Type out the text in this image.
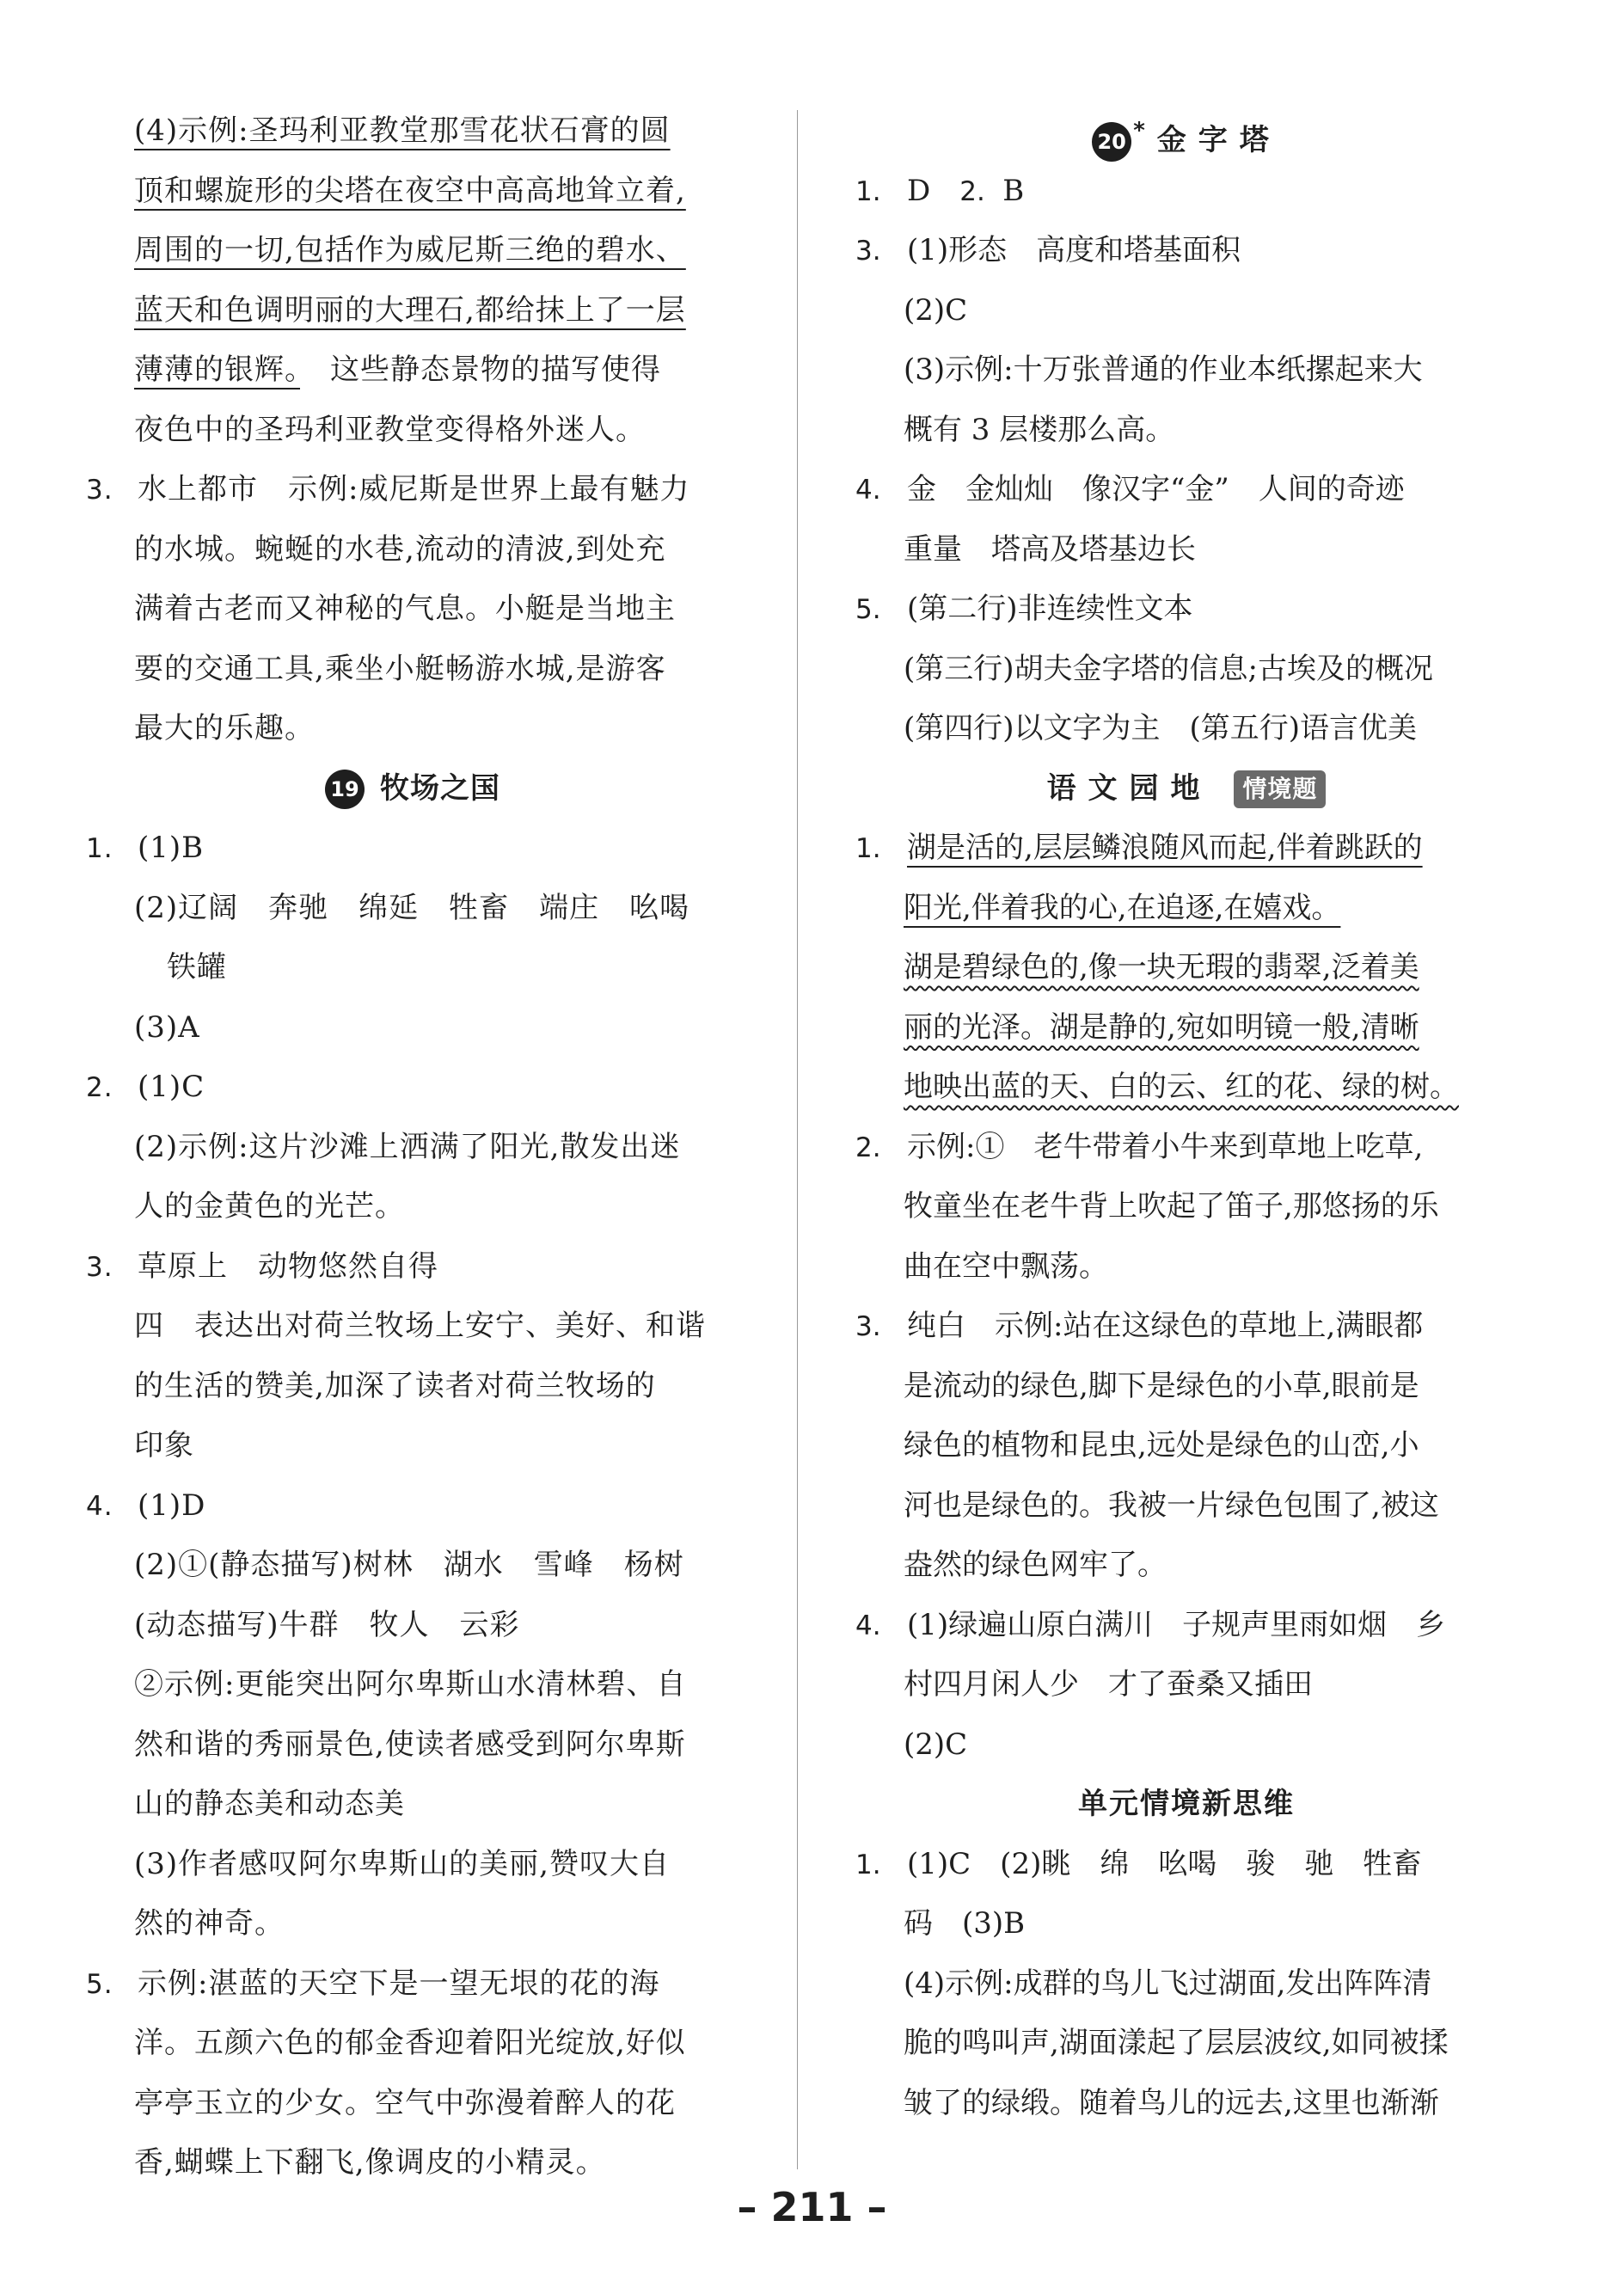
(4)示例:圣玛利亚教堂那雪花状石膏的圆
顶和螺旋形的尖塔在夜空中高高地耸立着,
周围的一切,包括作为威尼斯三绝的碧水、
蓝天和色调明丽的大理石,都给抹上了一层
薄薄的银辉。　这些静态景物的描写使得
夜色中的圣玛利亚教堂变得格外迷人。
3. 水上都市　示例:威尼斯是世界上最有魅力
的水城。蜿蜒的水巷,流动的清波,到处充
满着古老而又神秘的气息。小艇是当地主
要的交通工具,乘坐小艇畅游水城,是游客
最大的乐趣。
19 牧场之国
1. (1)B
(2)辽阔　奔驰　绵延　牲畜　端庄　吆喝
铁罐
(3)A
2. (1)C
(2)示例:这片沙滩上洒满了阳光,散发出迷
人的金黄色的光芒。
3. 草原上　动物悠然自得
四　表达出对荷兰牧场上安宁、美好、和谐
的生活的赞美,加深了读者对荷兰牧场的
印象
4. (1)D
(2)①(静态描写)树林　湖水　雪峰　杨树
(动态描写)牛群　牧人　云彩
②示例:更能突出阿尔卑斯山水清林碧、自
然和谐的秀丽景色,使读者感受到阿尔卑斯
山的静态美和动态美
(3)作者感叹阿尔卑斯山的美丽,赞叹大自
然的神奇。
5. 示例:湛蓝的天空下是一望无垠的花的海
洋。五颜六色的郁金香迎着阳光绽放,好似
亭亭玉立的少女。空气中弥漫着醉人的花
香,蝴蝶上下翻飞,像调皮的小精灵。
20 * 金字塔
1. D　2. B
3. (1)形态　高度和塔基面积
(2)C
(3)示例:十万张普通的作业本纸摞起来大
概有 3 层楼那么高。
4. 金　金灿灿　像汉字“金”　人间的奇迹
重量　塔高及塔基边长
5. (第二行)非连续性文本
(第三行)胡夫金字塔的信息;古埃及的概况
(第四行)以文字为主　(第五行)语言优美
语文园地 情境题
1. 湖是活的,层层鳞浪随风而起,伴着跳跃的
阳光,伴着我的心,在追逐,在嬉戏。
湖是碧绿色的,像一块无瑕的翡翠,泛着美
丽的光泽。湖是静的,宛如明镜一般,清晰
地映出蓝的天、白的云、红的花、绿的树。
2. 示例:①　老牛带着小牛来到草地上吃草,
牧童坐在老牛背上吹起了笛子,那悠扬的乐
曲在空中飘荡。
3. 纯白　示例:站在这绿色的草地上,满眼都
是流动的绿色,脚下是绿色的小草,眼前是
绿色的植物和昆虫,远处是绿色的山峦,小
河也是绿色的。我被一片绿色包围了,被这
盎然的绿色网牢了。
4. (1)绿遍山原白满川　子规声里雨如烟　乡
村四月闲人少　才了蚕桑又插田
(2)C
单元情境新思维
1. (1)C　(2)眺　绵　吆喝　骏　驰　牲畜
码　(3)B
(4)示例:成群的鸟儿飞过湖面,发出阵阵清
脆的鸣叫声,湖面漾起了层层波纹,如同被揉
皱了的绿缎。随着鸟儿的远去,这里也渐渐
– 211 –
